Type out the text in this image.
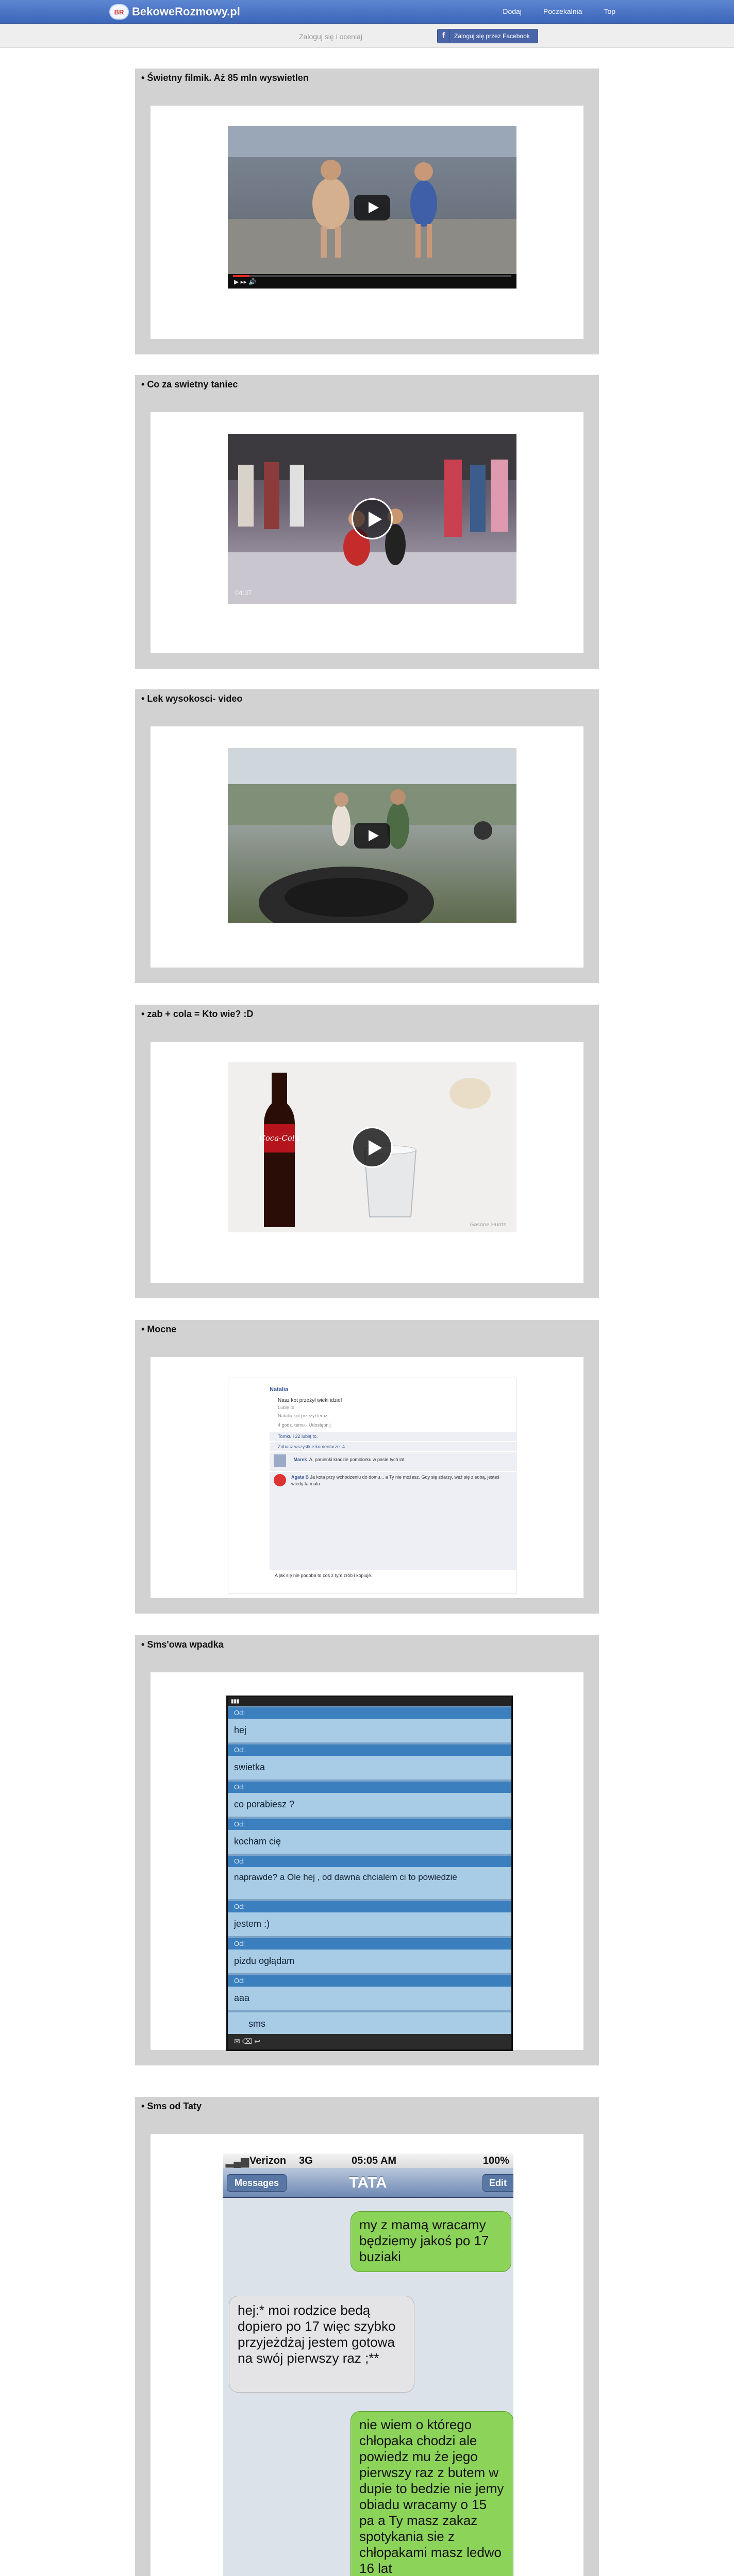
BR BekoweRozmowy.pl	Dodaj	Poczekalnia	Top
Zaloguj się i oceniaj	f	Zaloguj się przez Facebook
• Świetny filmik. Aż 85 mln wyswietlen
▶ ▸▸ 🔊
• Co za swietny taniec
04:37
• Lek wysokosci- video
• zab + cola = Kto wie? :D
Coca-Cola
Gasone Hunts
• Mocne
Natalia
Nasz kot przeżył wieki idzie!
Lubię to
Natalia kot przeżył teraz
4 godz. temu · Udostępnij
Tomku i 22 lubią to.
Zobacz wszystkie komentarze: 4
Marek A, panienki kradzie pomidorku w pasie tych lat
Agata B Ja kota przy wchodzeniu do domu... a Ty nie możesz. Gdy się zdarzy, weź się z sobą, jesteś wtedy ta mała.
A jak się nie podoba to coś z tym zrób i kopiuje.
• Sms'owa wpadka
▮▮▮
Od:
hej
Od:
swietka
Od:
co porabiesz ?
Od:
kocham cię
Od:
naprawde? a Ole hej , od dawna chcialem ci to powiedzie
Od:
jestem :)
Od:
pizdu ogłądam
Od:
aaa
sms
✉ ⌫ ↩
• Sms od Taty
▂▄▆ Verizon 3G	05:05 AM	100%
Messages	TATA	Edit
my z mamą wracamy będziemy jakoś po 17 buziaki
hej:* moi rodzice bedą dopiero po 17 więc szybko przyjeżdżaj jestem gotowa na swój pierwszy raz ;**
nie wiem o którego chłopaka chodzi ale powiedz mu że jego pierwszy raz z butem w dupie to bedzie nie jemy obiadu wracamy o 15 pa a Ty masz zakaz spotykania sie z chłopakami masz ledwo 16 lat
